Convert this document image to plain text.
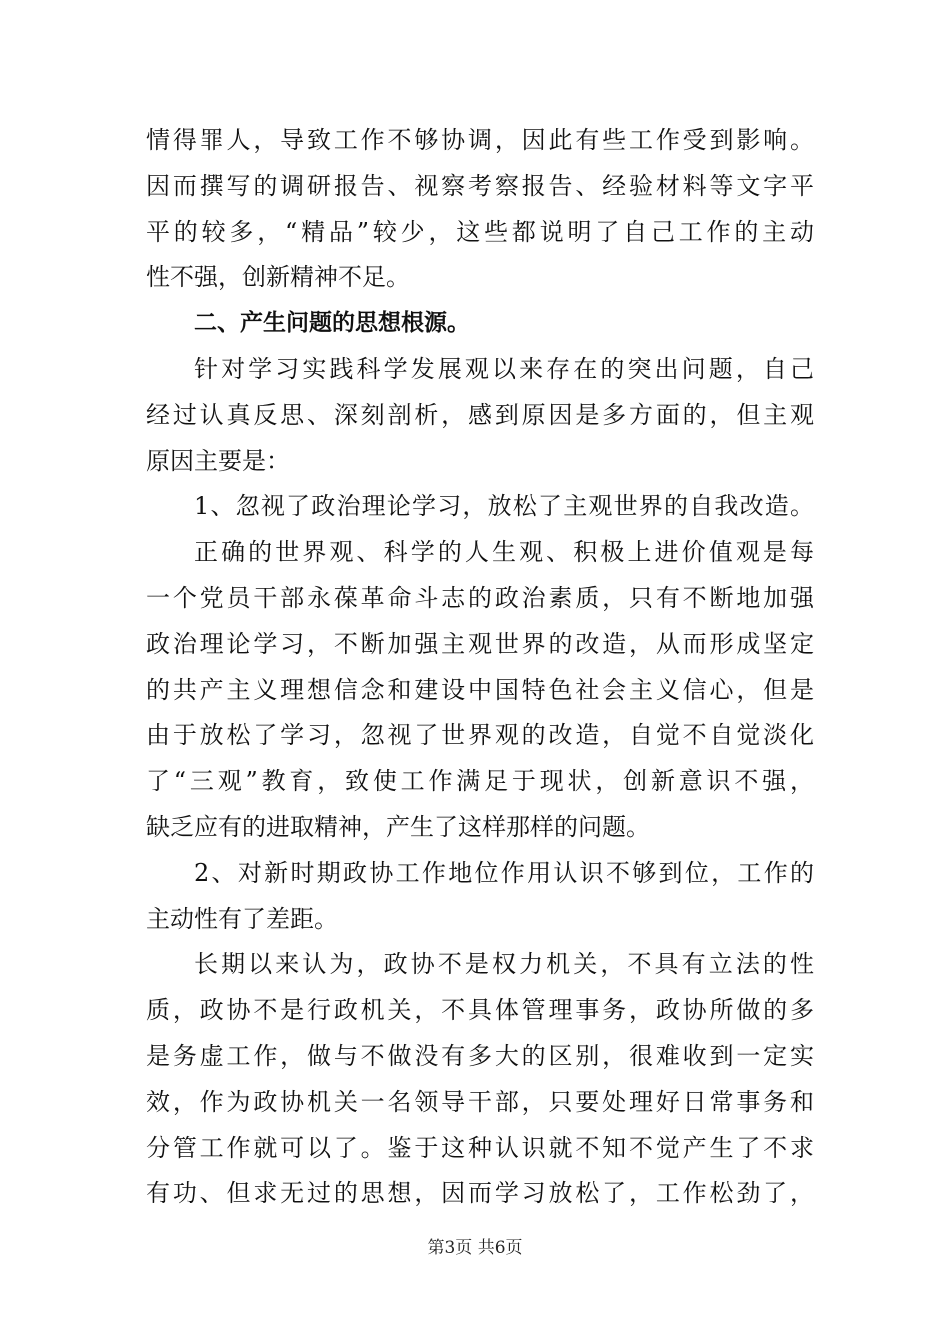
情得罪人，导致工作不够协调，因此有些工作受到影响。
因而撰写的调研报告、视察考察报告、经验材料等文字平
平的较多，“精品”较少，这些都说明了自己工作的主动
性不强，创新精神不足。
二、产生问题的思想根源。
针对学习实践科学发展观以来存在的突出问题，自己
经过认真反思、深刻剖析，感到原因是多方面的，但主观
原因主要是：
1、忽视了政治理论学习，放松了主观世界的自我改造。
正确的世界观、科学的人生观、积极上进价值观是每
一个党员干部永葆革命斗志的政治素质，只有不断地加强
政治理论学习，不断加强主观世界的改造，从而形成坚定
的共产主义理想信念和建设中国特色社会主义信心，但是
由于放松了学习，忽视了世界观的改造，自觉不自觉淡化
了“三观”教育，致使工作满足于现状，创新意识不强，
缺乏应有的进取精神，产生了这样那样的问题。
2、对新时期政协工作地位作用认识不够到位，工作的
主动性有了差距。
长期以来认为，政协不是权力机关，不具有立法的性
质，政协不是行政机关，不具体管理事务，政协所做的多
是务虚工作，做与不做没有多大的区别，很难收到一定实
效，作为政协机关一名领导干部，只要处理好日常事务和
分管工作就可以了。鉴于这种认识就不知不觉产生了不求
有功、但求无过的思想，因而学习放松了，工作松劲了，
第3页 共6页
